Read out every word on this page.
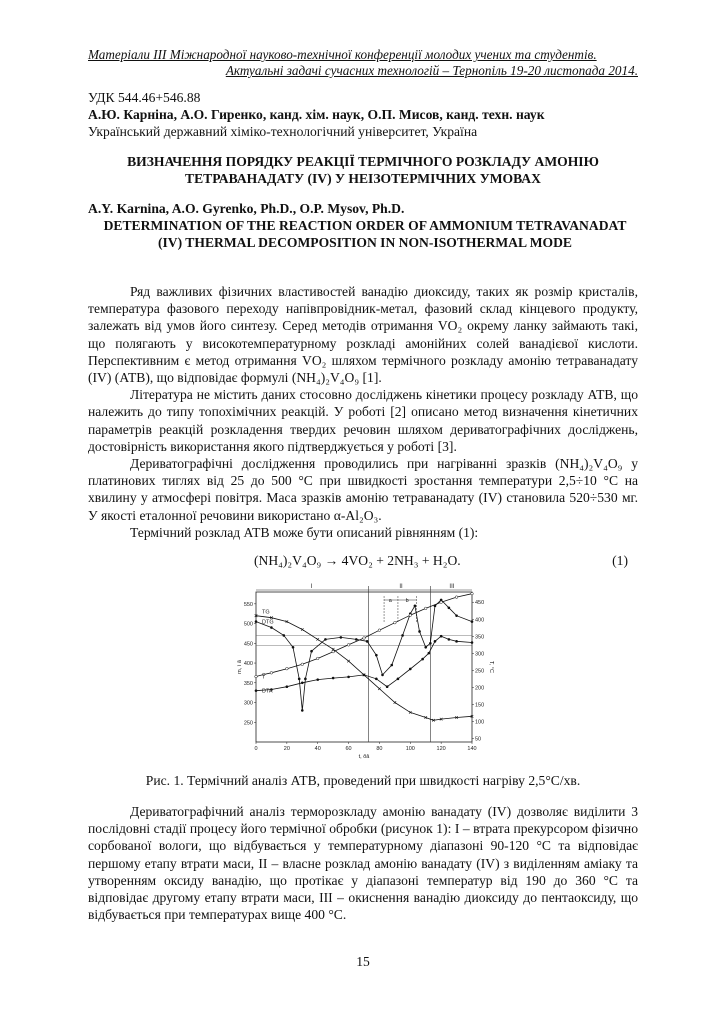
Матеріали ІІІ Міжнародної науково-технічної конференції молодих учених та студентів.
Актуальні задачі сучасних технологій – Тернопіль 19-20 листопада 2014.
УДК 544.46+546.88
А.Ю. Карніна, А.О. Гиренко, канд. хім. наук, О.П. Мисов, канд. техн. наук
Український державний хіміко-технологічний університет, Україна
ВИЗНАЧЕННЯ ПОРЯДКУ РЕАКЦІЇ ТЕРМІЧНОГО РОЗКЛАДУ АМОНІЮ ТЕТРАВАНАДАТУ (IV) У НЕІЗОТЕРМІЧНИХ УМОВАХ
A.Y. Karnina, A.O. Gyrenko, Ph.D., O.P. Mysov, Ph.D.
DETERMINATION OF THE REACTION ORDER OF AMMONIUM TETRAVANADAT (IV) THERMAL DECOMPOSITION IN NON-ISOTHERMAL MODE

Ряд важливих фізичних властивостей ванадію диоксиду, таких як розмір кристалів, температура фазового переходу напівпровідник-метал, фазовий склад кінцевого продукту, залежать від умов його синтезу. Серед методів отримання VO₂ окрему ланку займають такі, що полягають у високотемпературному розкладі амонійних солей ванадієвої кислоти. Перспективним є метод отримання VO₂ шляхом термічного розкладу амонію тетраванадату (IV) (АТВ), що відповідає формулі (NH₄)₂V₄O₉ [1].

Література не містить даних стосовно досліджень кінетики процесу розкладу АТВ, що належить до типу топохімічних реакцій. У роботі [2] описано метод визначення кінетичних параметрів реакцій розкладення твердих речовин шляхом дериватографічних досліджень, достовірність використання якого підтверджується у роботі [3].

Дериватографічні дослідження проводились при нагріванні зразків (NH₄)₂V₄O₉ у платинових тиглях від 25 до 500 °C при швидкості зростання температури 2,5÷10 °C на хвилину у атмосфері повітря. Маса зразків амонію тетраванадату (IV) становила 520÷530 мг. У якості еталонної речовини використано α-Al₂O₃.

Термічний розклад АТВ може бути описаний рівнянням (1):

(NH₄)₂V₄O₉ → 4VO₂ + 2NH₃ + H₂O.	(1)
I	II	III
a	b
0	20	40	60	80	100	120	140
250
300
350
400
450
500
550
50
100
150
200
250
300
350
400
450
t, õâ
m, ì ã	T, °C
TG
DTG
DTA
T
Рис. 1. Термічний аналіз АТВ, проведений при швидкості нагріву 2,5°С/хв.

Дериватографічний аналіз терморозкладу амонію ванадату (IV) дозволяє виділити 3 послідовні стадії процесу його термічної обробки (рисунок 1): І – втрата прекурсором фізично сорбованої вологи, що відбувається у температурному діапазоні 90-120 °C та відповідає першому етапу втрати маси, ІІ – власне розклад амонію ванадату (IV) з виділенням аміаку та утворенням оксиду ванадію, що протікає у діапазоні температур від 190 до 360 °C та відповідає другому етапу втрати маси, ІІІ – окиснення ванадію диоксиду до пентаоксиду, що відбувається при температурах вище 400 °C.

15
